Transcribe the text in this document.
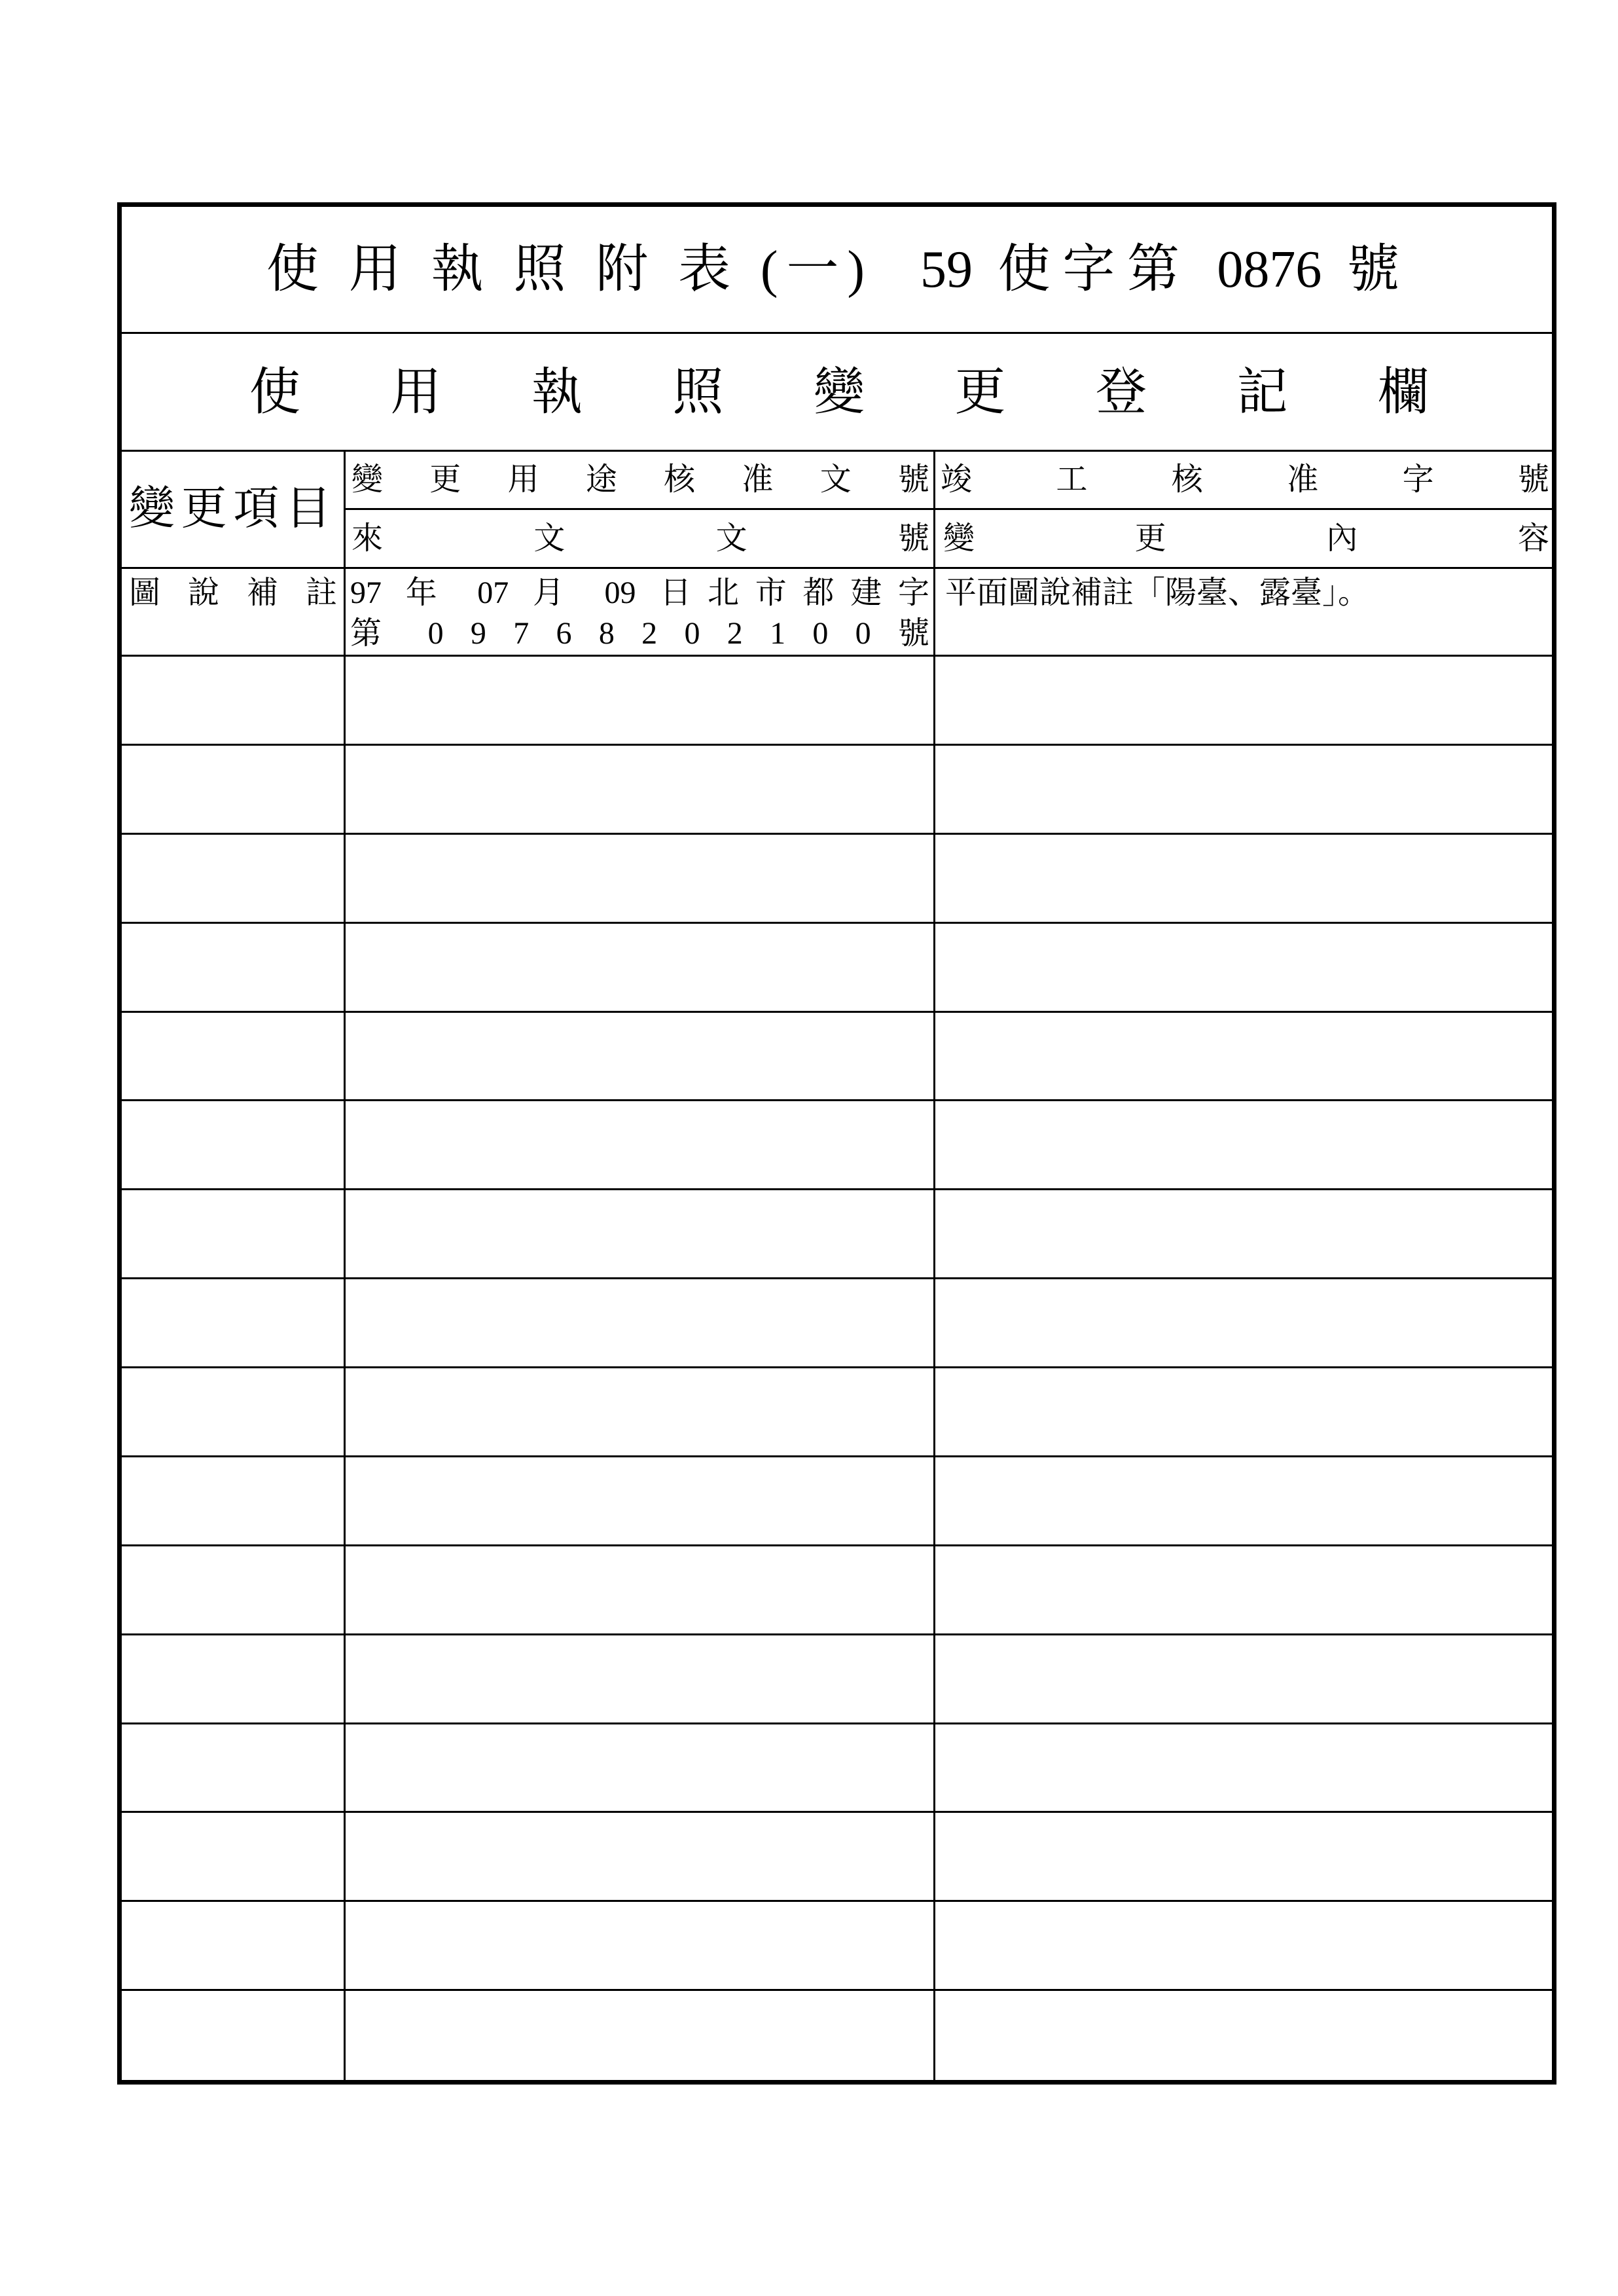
使 用 執 照 附 表 (一) 59 使字第 0876 號
使 用 執 照 變 更 登 記 欄
變更項目
變 更 用 途 核 准 文 號 竣 工 核 准 字 號
來 文 文 號 變 更 內 容
圖 說 補 註 97 年 07 月 09 日北市都建字
第 0 9 7 6 8 2 0 2 1 0 0 號
平面圖說補註「陽臺、露臺」。
